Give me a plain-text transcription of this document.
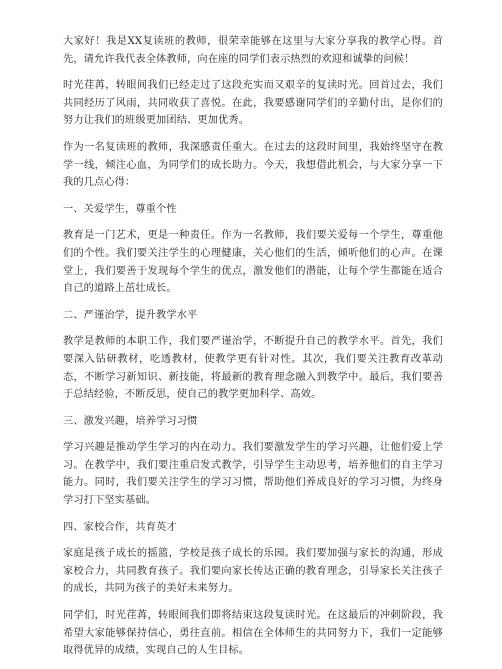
大家好！我是XX复读班的教师，很荣幸能够在这里与大家分享我的教学心得。首先，请允许我代表全体教师，向在座的同学们表示热烈的欢迎和诚挚的问候！

时光荏苒，转眼间我们已经走过了这段充实而又艰辛的复读时光。回首过去，我们共同经历了风雨，共同收获了喜悦。在此，我要感谢同学们的辛勤付出，是你们的努力让我们的班级更加团结、更加优秀。

作为一名复读班的教师，我深感责任重大。在过去的这段时间里，我始终坚守在教学一线，倾注心血，为同学们的成长助力。今天，我想借此机会，与大家分享一下我的几点心得：

一、关爱学生，尊重个性

教育是一门艺术，更是一种责任。作为一名教师，我们要关爱每一个学生，尊重他们的个性。我们要关注学生的心理健康，关心他们的生活，倾听他们的心声。在课堂上，我们要善于发现每个学生的优点，激发他们的潜能，让每个学生都能在适合自己的道路上茁壮成长。

二、严谨治学，提升教学水平

教学是教师的本职工作，我们要严谨治学，不断提升自己的教学水平。首先，我们要深入钻研教材，吃透教材，使教学更有针对性。其次，我们要关注教育改革动态，不断学习新知识、新技能，将最新的教育理念融入到教学中。最后，我们要善于总结经验，不断反思，使自己的教学更加科学、高效。

三、激发兴趣，培养学习习惯

学习兴趣是推动学生学习的内在动力。我们要激发学生的学习兴趣，让他们爱上学习。在教学中，我们要注重启发式教学，引导学生主动思考，培养他们的自主学习能力。同时，我们要关注学生的学习习惯，帮助他们养成良好的学习习惯，为终身学习打下坚实基础。

四、家校合作，共育英才

家庭是孩子成长的摇篮，学校是孩子成长的乐园。我们要加强与家长的沟通，形成家校合力，共同教育孩子。我们要向家长传达正确的教育理念，引导家长关注孩子的成长，共同为孩子的美好未来努力。

同学们，时光荏苒，转眼间我们即将结束这段复读时光。在这最后的冲刺阶段，我希望大家能够保持信心，勇往直前。相信在全体师生的共同努力下，我们一定能够取得优异的成绩，实现自己的人生目标。
